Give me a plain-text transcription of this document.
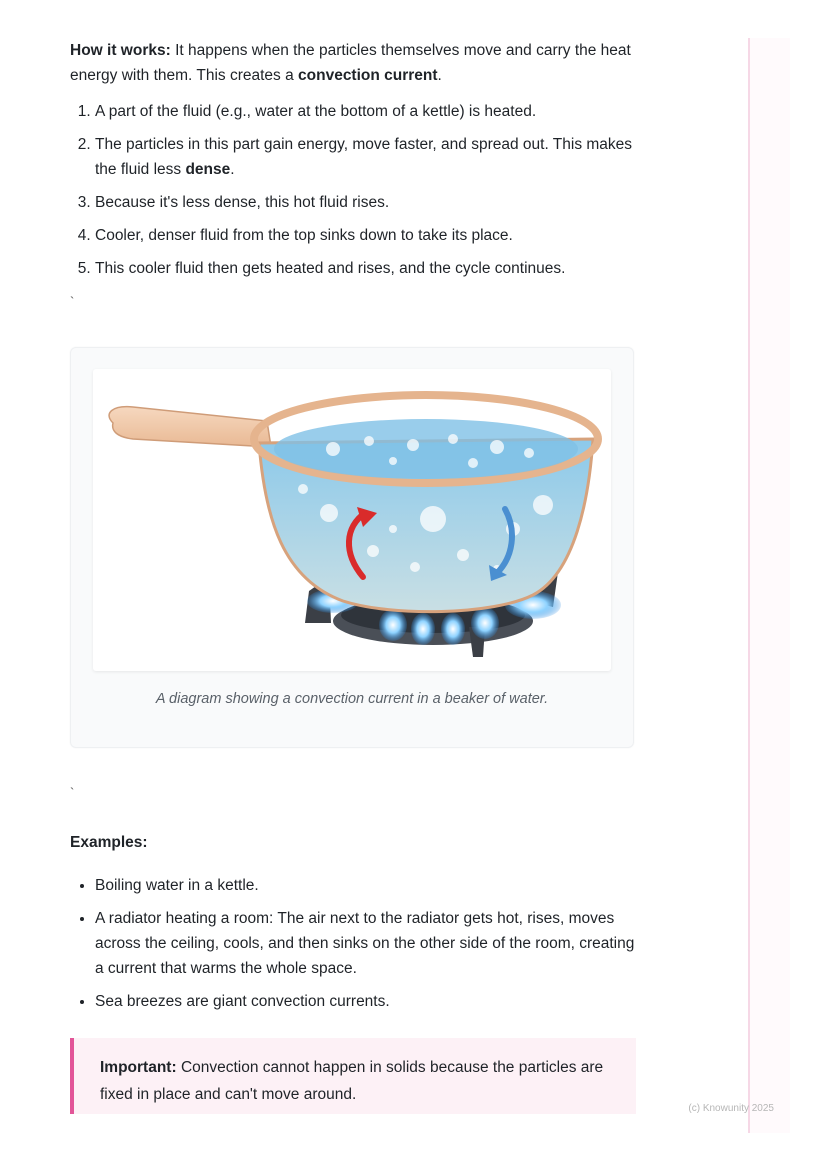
How it works: It happens when the particles themselves move and carry the heat energy with them. This creates a convection current.

1. A part of the fluid (e.g., water at the bottom of a kettle) is heated.
2. The particles in this part gain energy, move faster, and spread out. This makes the fluid less dense.
3. Because it's less dense, this hot fluid rises.
4. Cooler, denser fluid from the top sinks down to take its place.
5. This cooler fluid then gets heated and rises, and the cycle continues.
`
A diagram showing a convection current in a beaker of water.
`

Examples:

• Boiling water in a kettle.
• A radiator heating a room: The air next to the radiator gets hot, rises, moves across the ceiling, cools, and then sinks on the other side of the room, creating a current that warms the whole space.
• Sea breezes are giant convection currents.

Important: Convection cannot happen in solids because the particles are fixed in place and can't move around.

(c) Knowunity 2025
